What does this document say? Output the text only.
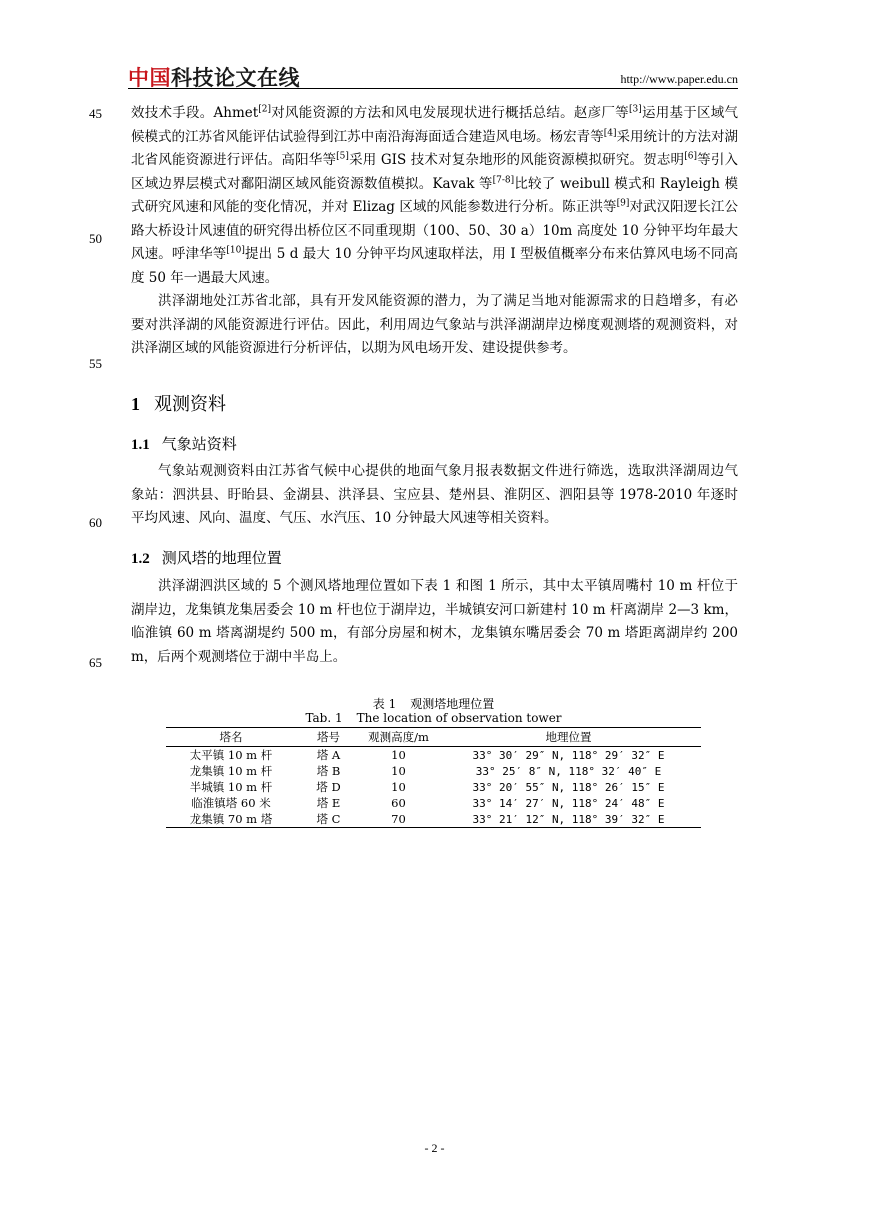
中国科技论文在线	http://www.paper.edu.cn
45
50
55
60
65

效技术手段。Ahmet[2]对风能资源的方法和风电发展现状进行概括总结。赵彦厂等[3]运用基于区域气候模式的江苏省风能评估试验得到江苏中南沿海海面适合建造风电场。杨宏青等[4]采用统计的方法对湖北省风能资源进行评估。高阳华等[5]采用 GIS 技术对复杂地形的风能资源模拟研究。贺志明[6]等引入区域边界层模式对鄱阳湖区域风能资源数值模拟。Kavak 等[7-8]比较了 weibull 模式和 Rayleigh 模式研究风速和风能的变化情况，并对 Elizag 区域的风能参数进行分析。陈正洪等[9]对武汉阳逻长江公路大桥设计风速值的研究得出桥位区不同重现期（100、50、30 a）10m 高度处 10 分钟平均年最大风速。呼津华等[10]提出 5 d 最大 10 分钟平均风速取样法，用 I 型极值概率分布来估算风电场不同高度 50 年一遇最大风速。

洪泽湖地处江苏省北部，具有开发风能资源的潜力，为了满足当地对能源需求的日趋增多，有必要对洪泽湖的风能资源进行评估。因此，利用周边气象站与洪泽湖湖岸边梯度观测塔的观测资料，对洪泽湖区域的风能资源进行分析评估，以期为风电场开发、建设提供参考。

1 观测资料
1.1 气象站资料

气象站观测资料由江苏省气候中心提供的地面气象月报表数据文件进行筛选，选取洪泽湖周边气象站：泗洪县、盱眙县、金湖县、洪泽县、宝应县、楚州县、淮阴区、泗阳县等 1978-2010 年逐时平均风速、风向、温度、气压、水汽压、10 分钟最大风速等相关资料。

1.2 测风塔的地理位置

洪泽湖泗洪区域的 5 个测风塔地理位置如下表 1 和图 1 所示，其中太平镇周嘴村 10 m 杆位于湖岸边，龙集镇龙集居委会 10 m 杆也位于湖岸边，半城镇安河口新建村 10 m 杆离湖岸 2—3 km，临淮镇 60 m 塔离湖堤约 500 m，有部分房屋和树木，龙集镇东嘴居委会 70 m 塔距离湖岸约 200 m，后两个观测塔位于湖中半岛上。

表 1 观测塔地理位置
Tab. 1 The location of observation tower
塔名	塔号	观测高度/m	地理位置
太平镇 10 m 杆	塔 A	10	33° 30′ 29″ N, 118° 29′ 32″ E
龙集镇 10 m 杆	塔 B	10	33° 25′ 8″ N, 118° 32′ 40″ E
半城镇 10 m 杆	塔 D	10	33° 20′ 55″ N, 118° 26′ 15″ E
临淮镇塔 60 米	塔 E	60	33° 14′ 27′ N, 118° 24′ 48″ E
龙集镇 70 m 塔	塔 C	70	33° 21′ 12″ N, 118° 39′ 32″ E
- 2 -
